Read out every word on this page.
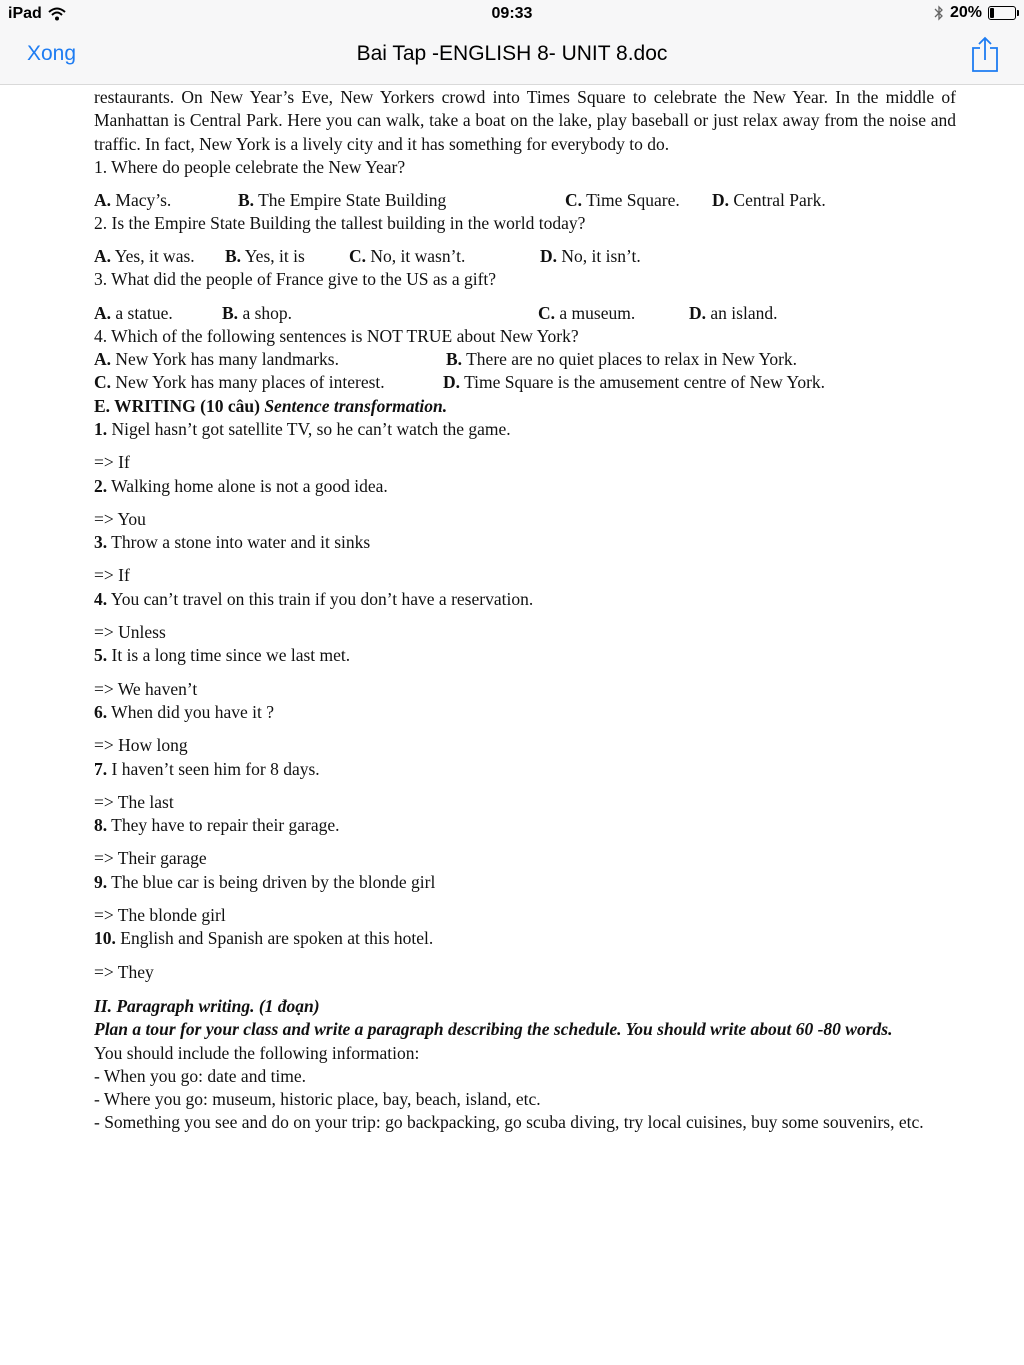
iPad	09:33	20%
Xong	Bai Tap -ENGLISH 8- UNIT 8.doc

restaurants. On New Year’s Eve, New Yorkers crowd into Times Square to celebrate the New Year. In the middle of Manhattan is Central Park. Here you can walk, take a boat on the lake, play baseball or just relax away from the noise and traffic. In fact, New York is a lively city and it has something for everybody to do.

1. Where do people celebrate the New Year?

A. Macy’s.	B. The Empire State Building	C. Time Square. D. Central Park.

2. Is the Empire State Building the tallest building in the world today?

A. Yes, it was. B. Yes, it is	C. No, it wasn’t.	D. No, it isn’t.

3. What did the people of France give to the US as a gift?

A. a statue.	B. a shop.	C. a museum.	D. an island.

4. Which of the following sentences is NOT TRUE about New York?

A. New York has many landmarks.	B. There are no quiet places to relax in New York.
C. New York has many places of interest.	D. Time Square is the amusement centre of New York.

E. WRITING (10 câu) Sentence transformation.

1. Nigel hasn’t got satellite TV, so he can’t watch the game.

=> If

2. Walking home alone is not a good idea.

=> You

3. Throw a stone into water and it sinks

=> If

4. You can’t travel on this train if you don’t have a reservation.

=> Unless

5. It is a long time since we last met.

=> We haven’t

6. When did you have it ?

=> How long

7. I haven’t seen him for 8 days.

=> The last

8. They have to repair their garage.

=> Their garage

9. The blue car is being driven by the blonde girl

=> The blonde girl

10. English and Spanish are spoken at this hotel.

=> They

II. Paragraph writing. (1 đoạn)

Plan a tour for your class and write a paragraph describing the schedule. You should write about 60 -80 words.

You should include the following information:

- When you go: date and time.

- Where you go: museum, historic place, bay, beach, island, etc.

- Something you see and do on your trip: go backpacking, go scuba diving, try local cuisines, buy some souvenirs, etc.
